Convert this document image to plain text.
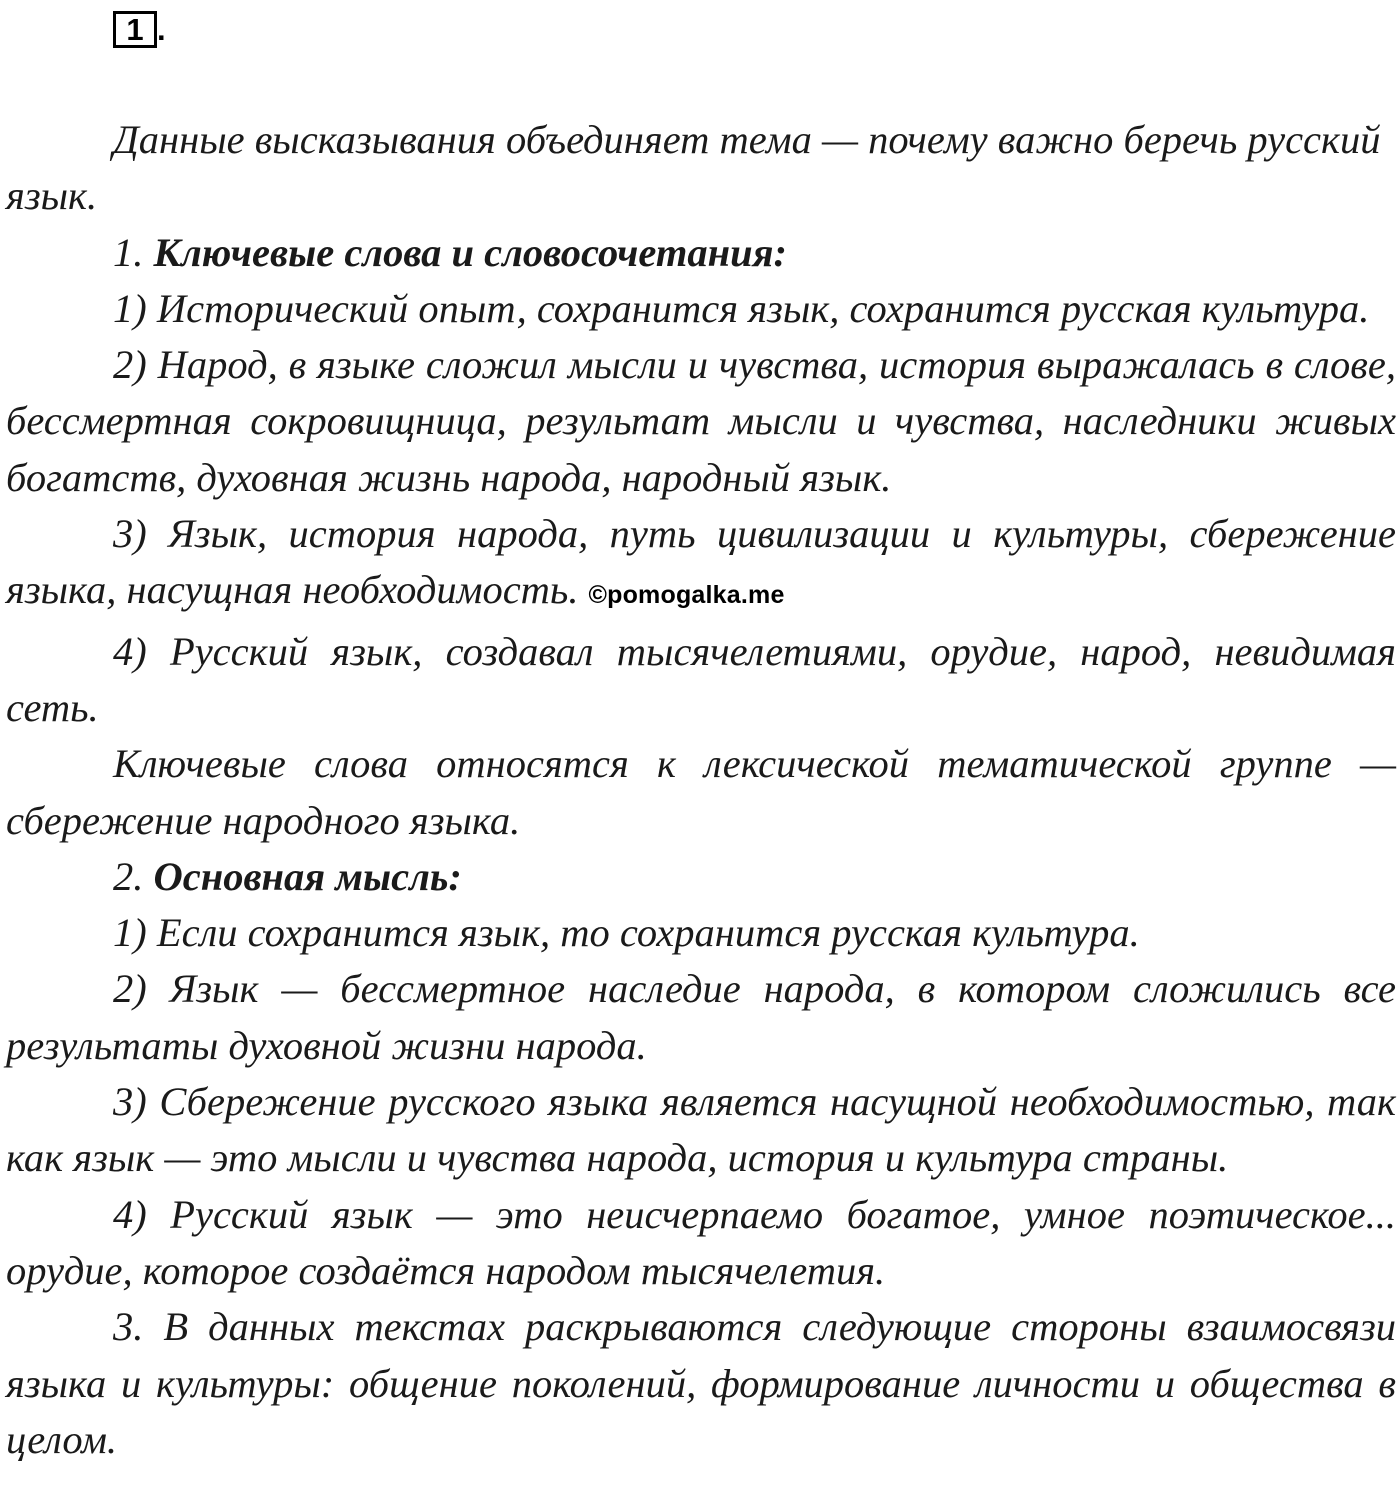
1 .

Данные высказывания объединяет тема — почему важно беречь русский язык.

1. Ключевые слова и словосочетания:

1) Исторический опыт, сохранится язык, сохранится русская культура.

2) Народ, в языке сложил мысли и чувства, история выражалась в слове, бессмертная сокровищница, результат мысли и чувства, наследники живых богатств, духовная жизнь народа, народный язык.

3) Язык, история народа, путь цивилизации и культуры, сбережение языка, насущная необходимость. ©pomogalka.me

4) Русский язык, создавал тысячелетиями, орудие, народ, невидимая сеть.

Ключевые слова относятся к лексической тематической группе — сбережение народного языка.

2. Основная мысль:

1) Если сохранится язык, то сохранится русская культура.

2) Язык — бессмертное наследие народа, в котором сложились все результаты духовной жизни народа.

3) Сбережение русского языка является насущной необходимостью, так как язык — это мысли и чувства народа, история и культура страны.

4) Русский язык — это неисчерпаемо богатое, умное поэтическое... орудие, которое создаётся народом тысячелетия.

3. В данных текстах раскрываются следующие стороны взаимосвязи языка и культуры: общение поколений, формирование личности и общества в целом.
